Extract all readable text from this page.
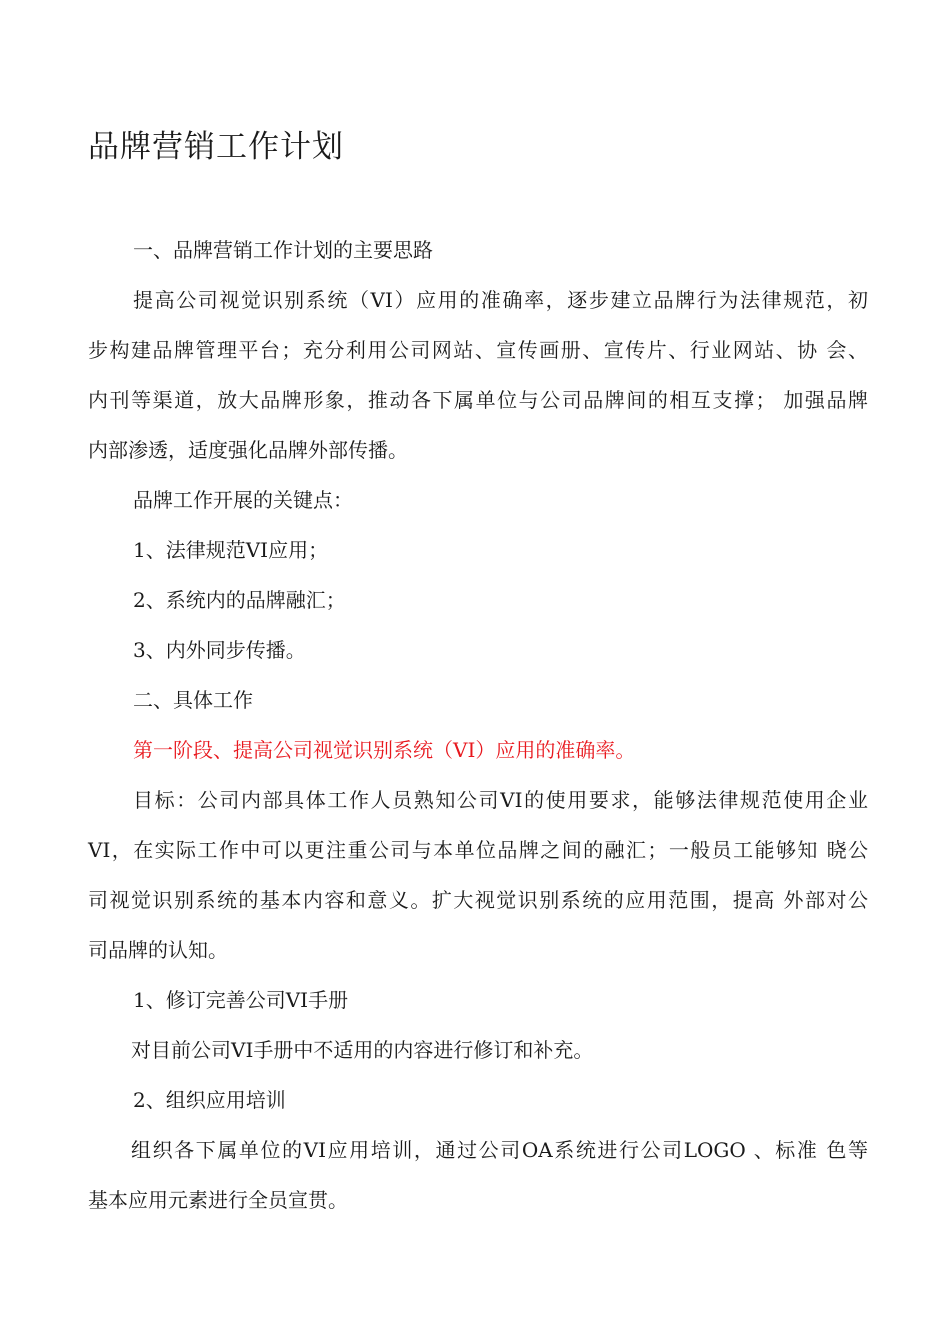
品牌营销工作计划
一、品牌营销工作计划的主要思路
提高公司视觉识别系统（VI）应用的准确率，逐步建立品牌行为法律规范，初
步构建品牌管理平台；充分利用公司网站、宣传画册、宣传片、行业网站、协 会、
内刊等渠道，放大品牌形象，推动各下属单位与公司品牌间的相互支撑； 加强品牌
内部渗透，适度强化品牌外部传播。
品牌工作开展的关键点：
1、法律规范VI应用；
2、系统内的品牌融汇；
3、内外同步传播。
二、具体工作
第一阶段、提高公司视觉识别系统（VI）应用的准确率。
目标：公司内部具体工作人员熟知公司VI的使用要求，能够法律规范使用企业
VI，在实际工作中可以更注重公司与本单位品牌之间的融汇；一般员工能够知 晓公
司视觉识别系统的基本内容和意义。扩大视觉识别系统的应用范围，提高 外部对公
司品牌的认知。
1、修订完善公司VI手册
对目前公司VI手册中不适用的内容进行修订和补充。
2、组织应用培训
组织各下属单位的VI应用培训，通过公司OA系统进行公司LOGO 、标准 色等
基本应用元素进行全员宣贯。
